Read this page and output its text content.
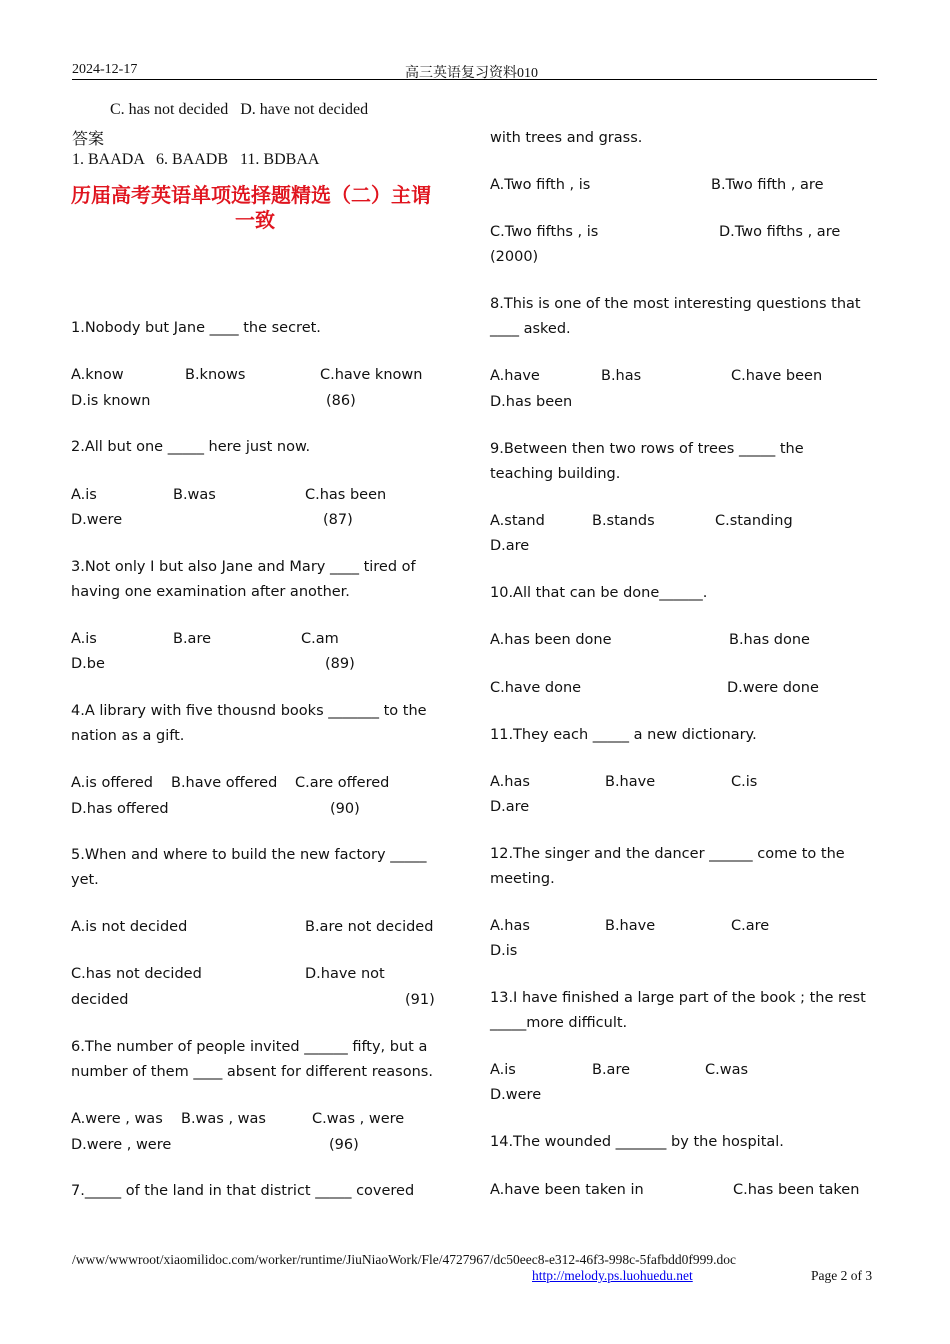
2024-12-17	高三英语复习资料010
C. has not decided   D. have not decided
答案
1. BAADA   6. BAADB   11. BDBAA
历届高考英语单项选择题精选（二）主谓
一致
1.Nobody but Jane ____ the secret.
A.know	B.knows	C.have known
D.is known	(86)
2.All but one _____ here just now.
A.is	B.was	C.has been
D.were	(87)
3.Not only I but also Jane and Mary ____ tired of
having one examination after another.
A.is	B.are	C.am
D.be	(89)
4.A library with five thousnd books _______ to the
nation as a gift.
A.is offered B.have offered C.are offered
D.has offered	(90)
5.When and where to build the new factory _____
yet.
A.is not decided	B.are not decided
C.has not decided	D.have not
decided	(91)
6.The number of people invited ______ fifty, but a
number of them ____ absent for different reasons.
A.were , was B.was , was	C.was , were
D.were , were	(96)
7._____ of the land in that district _____ covered
with trees and grass.
A.Two fifth , is	B.Two fifth , are
C.Two fifths , is	D.Two fifths , are
(2000)
8.This is one of the most interesting questions that
____ asked.
A.have	B.has	C.have been
D.has been
9.Between then two rows of trees _____ the
teaching building.
A.stand	B.stands	C.standing
D.are
10.All that can be done______.
A.has been done	B.has done
C.have done	D.were done
11.They each _____ a new dictionary.
A.has	B.have	C.is
D.are
12.The singer and the dancer ______ come to the
meeting.
A.has	B.have	C.are
D.is
13.I have finished a large part of the book ; the rest
_____more difficult.
A.is	B.are	C.was
D.were
14.The wounded _______ by the hospital.
A.have been taken in	C.has been taken
/www/wwwroot/xiaomilidoc.com/worker/runtime/JiuNiaoWork/Fle/4727967/dc50eec8-e312-46f3-998c-5fafbdd0f999.doc
http://melody.ps.luohuedu.net	Page 2 of 3
